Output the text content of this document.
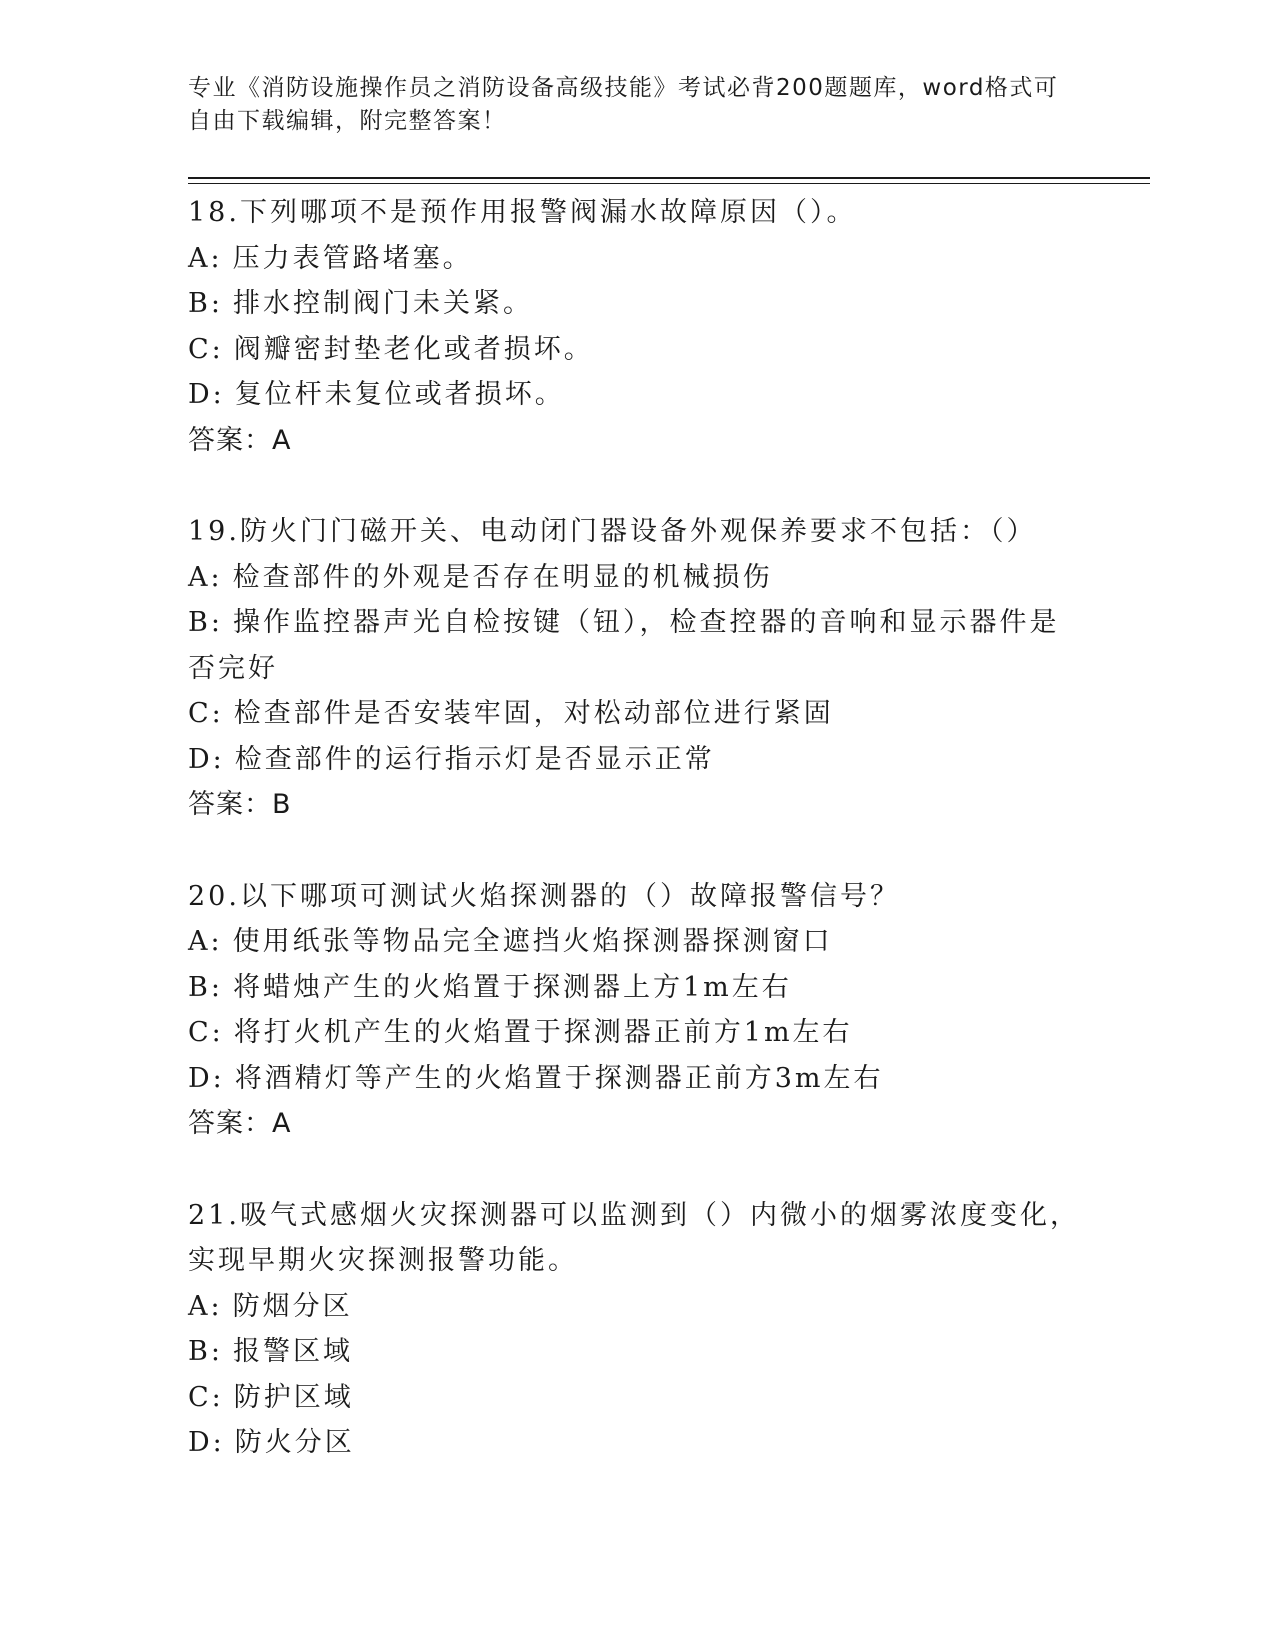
专业《消防设施操作员之消防设备高级技能》考试必背200题题库，word格式可自由下载编辑，附完整答案！
18.下列哪项不是预作用报警阀漏水故障原因（）。
A: 压力表管路堵塞。
B: 排水控制阀门未关紧。
C: 阀瓣密封垫老化或者损坏。
D: 复位杆未复位或者损坏。
答案：A
19.防火门门磁开关、电动闭门器设备外观保养要求不包括：（）
A: 检查部件的外观是否存在明显的机械损伤
B: 操作监控器声光自检按键（钮），检查控器的音响和显示器件是否完好
C: 检查部件是否安装牢固，对松动部位进行紧固
D: 检查部件的运行指示灯是否显示正常
答案：B
20.以下哪项可测试火焰探测器的（）故障报警信号？
A: 使用纸张等物品完全遮挡火焰探测器探测窗口
B: 将蜡烛产生的火焰置于探测器上方1m左右
C: 将打火机产生的火焰置于探测器正前方1m左右
D: 将酒精灯等产生的火焰置于探测器正前方3m左右
答案：A
21.吸气式感烟火灾探测器可以监测到（）内微小的烟雾浓度变化，实现早期火灾探测报警功能。
A: 防烟分区
B: 报警区域
C: 防护区域
D: 防火分区
